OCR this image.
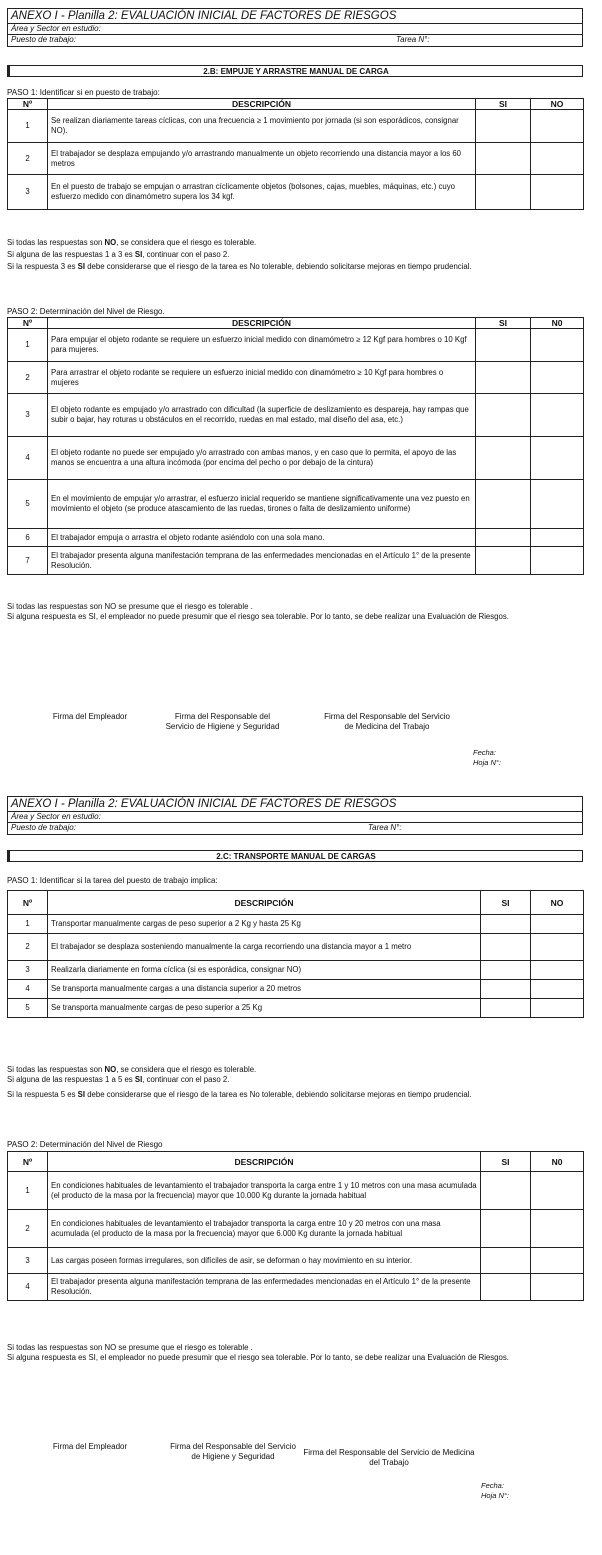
ANEXO I - Planilla 2: EVALUACIÓN INICIAL DE FACTORES DE RIESGOS
Área y Sector en estudio:
Puesto de trabajo:	Tarea N°:
2.B: EMPUJE Y ARRASTRE MANUAL DE CARGA
PASO 1: Identificar si en puesto de trabajo:
Nº	DESCRIPCIÓN	SI	NO
1	Se realizan diariamente tareas cíclicas, con una frecuencia ≥ 1 movimiento por jornada (si son esporádicos, consignar NO).		
2	El trabajador se desplaza empujando y/o arrastrando manualmente un objeto recorriendo una distancia mayor a los 60 metros		
3	En el puesto de trabajo se empujan o arrastran cíclicamente objetos (bolsones, cajas, muebles, máquinas, etc.) cuyo esfuerzo medido con dinamómetro supera los 34 kgf.		

Si todas las respuestas son NO, se considera que el riesgo es tolerable.

Si alguna de las respuestas 1 a 3 es SI, continuar con el paso 2.

Si la respuesta 3 es SI debe considerarse que el riesgo de la tarea es No tolerable, debiendo solicitarse mejoras en tiempo prudencial.

PASO 2: Determinación del Nivel de Riesgo.
Nº	DESCRIPCIÓN	SI	N0
1	Para empujar el objeto rodante se requiere un esfuerzo inicial medido con dinamómetro ≥ 12 Kgf para hombres o 10 Kgf para mujeres.		
2	Para arrastrar el objeto rodante se requiere un esfuerzo inicial medido con dinamómetro ≥ 10 Kgf para hombres o mujeres		
3	El objeto rodante es empujado y/o arrastrado con dificultad (la superficie de deslizamiento es despareja, hay rampas que subir o bajar, hay roturas u obstáculos en el recorrido, ruedas en mal estado, mal diseño del asa, etc.)		
4	El objeto rodante no puede ser empujado y/o arrastrado con ambas manos, y en caso que lo permita, el apoyo de las manos se encuentra a una altura incómoda (por encima del pecho o por debajo de la cintura)		
5	En el movimiento de empujar y/o arrastrar, el esfuerzo inicial requerido se mantiene significativamente una vez puesto en movimiento el objeto (se produce atascamiento de las ruedas, tirones o falta de deslizamiento uniforme)		
6	El trabajador empuja o arrastra el objeto rodante asiéndolo con una sola mano.		
7	El trabajador presenta alguna manifestación temprana de las enfermedades mencionadas en el Artículo 1° de la presente Resolución.		

Si todas las respuestas son NO se presume que el riesgo es tolerable .

Si alguna respuesta es SI, el empleador no puede presumir que el riesgo sea tolerable. Por lo tanto, se debe realizar una Evaluación de Riesgos.

Firma del Empleador	Firma del Responsable del Servicio de Higiene y Seguridad
Firma del Responsable del Servicio de Medicina del Trabajo
Fecha:
Hoja N°:
ANEXO I - Planilla 2: EVALUACIÓN INICIAL DE FACTORES DE RIESGOS
Área y Sector en estudio:
Puesto de trabajo:	Tarea N°:
2.C: TRANSPORTE MANUAL DE CARGAS
PASO 1: Identificar si la tarea del puesto de trabajo implica:
Nº	DESCRIPCIÓN	SI	NO
1	Transportar manualmente cargas de peso superior a 2 Kg y hasta 25 Kg		
2	El trabajador se desplaza sosteniendo manualmente la carga recorriendo una distancia mayor a 1 metro		
3	Realizarla diariamente en forma cíclica (si es esporádica, consignar NO)		
4	Se transporta manualmente cargas a una distancia superior a 20 metros		
5	Se transporta manualmente cargas de peso superior a 25 Kg		

Si todas las respuestas son NO, se considera que el riesgo es tolerable.

Si alguna de las respuestas 1 a 5 es SI, continuar con el paso 2.

Si la respuesta 5 es SI debe considerarse que el riesgo de la tarea es No tolerable, debiendo solicitarse mejoras en tiempo prudencial.

PASO 2: Determinación del Nivel de Riesgo
Nº	DESCRIPCIÓN	SI	N0
1	En condiciones habituales de levantamiento el trabajador transporta la carga entre 1 y 10 metros con una masa acumulada (el producto de la masa por la frecuencia) mayor que 10.000 Kg durante la jornada habitual		
2	En condiciones habituales de levantamiento el trabajador transporta la carga entre 10 y 20 metros con una masa acumulada (el producto de la masa por la frecuencia) mayor que 6.000 Kg durante la jornada habitual		
3	Las cargas poseen formas irregulares, son difíciles de asir, se deforman o hay movimiento en su interior.		
4	El trabajador presenta alguna manifestación temprana de las enfermedades mencionadas en el Artículo 1° de la presente Resolución.		

Si todas las respuestas son NO se presume que el riesgo es tolerable .

Si alguna respuesta es SI, el empleador no puede presumir que el riesgo sea tolerable. Por lo tanto, se debe realizar una Evaluación de Riesgos.

Firma del Empleador	Firma del Responsable del Servicio de Higiene y Seguridad	Firma del Responsable del Servicio de Medicina del Trabajo
Fecha:
Hoja N°:
